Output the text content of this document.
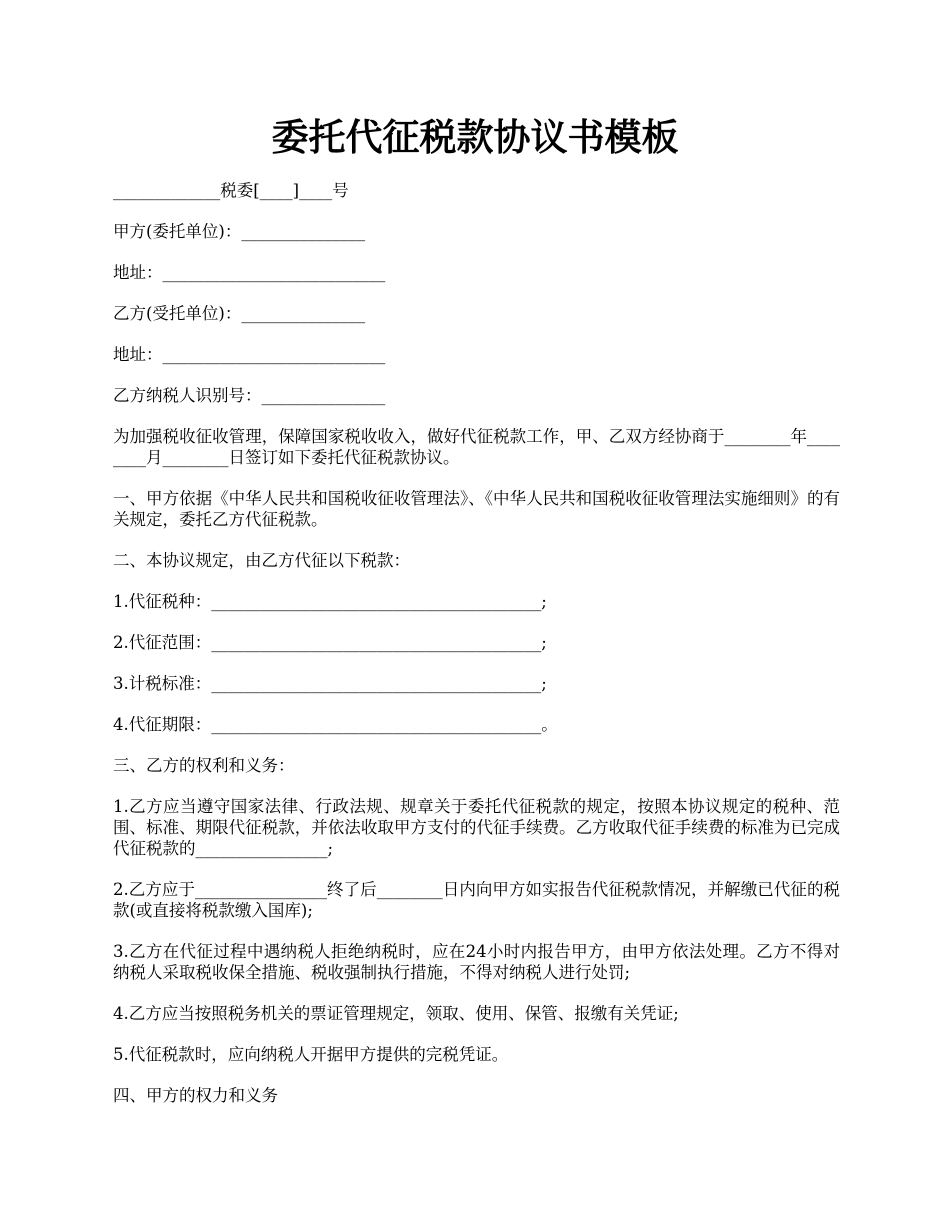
委托代征税款协议书模板

_____________税委[____]____号

甲方(委托单位)：_______________

地址：___________________________

乙方(受托单位)：_______________

地址：___________________________

乙方纳税人识别号：_______________

为加强税收征收管理，保障国家税收收入，做好代征税款工作，甲、乙双方经协商于________年________月________日签订如下委托代征税款协议。

一、甲方依据《中华人民共和国税收征收管理法》、《中华人民共和国税收征收管理法实施细则》的有关规定，委托乙方代征税款。

二、本协议规定，由乙方代征以下税款：

1.代征税种：________________________________________;

2.代征范围：________________________________________;

3.计税标准：________________________________________;

4.代征期限：________________________________________。

三、乙方的权利和义务：

1.乙方应当遵守国家法律、行政法规、规章关于委托代征税款的规定，按照本协议规定的税种、范围、标准、期限代征税款，并依法收取甲方支付的代征手续费。乙方收取代征手续费的标准为已完成代征税款的________________;

2.乙方应于________________终了后________日内向甲方如实报告代征税款情况，并解缴已代征的税款(或直接将税款缴入国库);

3.乙方在代征过程中遇纳税人拒绝纳税时，应在24小时内报告甲方，由甲方依法处理。乙方不得对纳税人采取税收保全措施、税收强制执行措施，不得对纳税人进行处罚;

4.乙方应当按照税务机关的票证管理规定，领取、使用、保管、报缴有关凭证;

5.代征税款时，应向纳税人开据甲方提供的完税凭证。

四、甲方的权力和义务
